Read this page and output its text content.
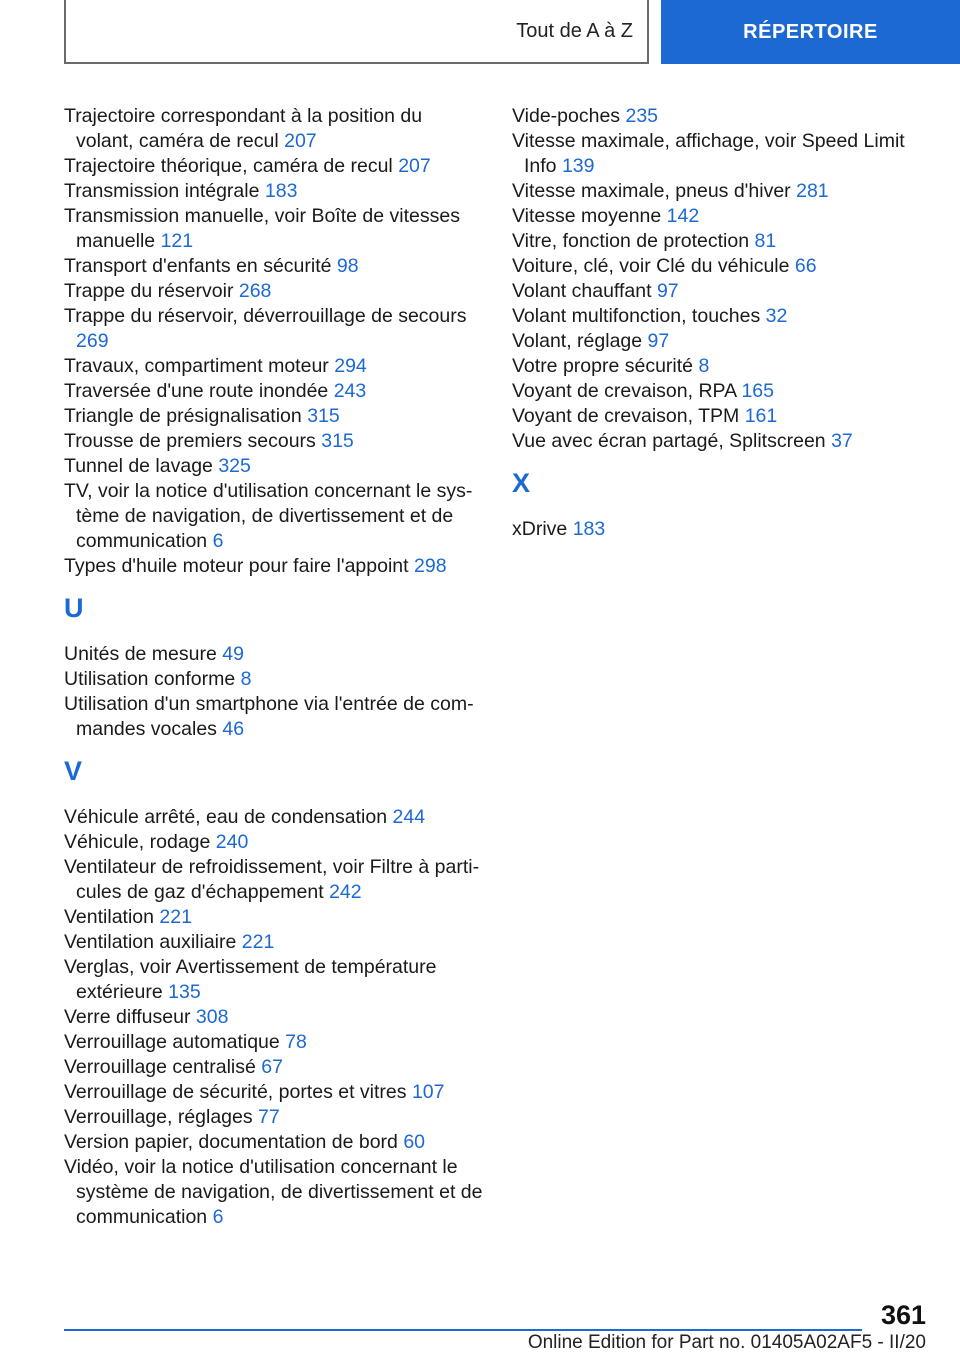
Tout de A à Z	RÉPERTOIRE
Trajectoire correspondant à la position du volant, caméra de recul 207
Trajectoire théorique, caméra de recul 207
Transmission intégrale 183
Transmission manuelle, voir Boîte de vitesses manuelle 121
Transport d'enfants en sécurité 98
Trappe du réservoir 268
Trappe du réservoir, déverrouillage de secours 269
Travaux, compartiment moteur 294
Traversée d'une route inondée 243
Triangle de présignalisation 315
Trousse de premiers secours 315
Tunnel de lavage 325
TV, voir la notice d'utilisation concernant le système de navigation, de divertissement et de communication 6
Types d'huile moteur pour faire l'appoint 298
U
Unités de mesure 49
Utilisation conforme 8
Utilisation d'un smartphone via l'entrée de commandes vocales 46
V
Véhicule arrêté, eau de condensation 244
Véhicule, rodage 240
Ventilateur de refroidissement, voir Filtre à particules de gaz d'échappement 242
Ventilation 221
Ventilation auxiliaire 221
Verglas, voir Avertissement de température extérieure 135
Verre diffuseur 308
Verrouillage automatique 78
Verrouillage centralisé 67
Verrouillage de sécurité, portes et vitres 107
Verrouillage, réglages 77
Version papier, documentation de bord 60
Vidéo, voir la notice d'utilisation concernant le système de navigation, de divertissement et de communication 6
Vide-poches 235
Vitesse maximale, affichage, voir Speed Limit Info 139
Vitesse maximale, pneus d'hiver 281
Vitesse moyenne 142
Vitre, fonction de protection 81
Voiture, clé, voir Clé du véhicule 66
Volant chauffant 97
Volant multifonction, touches 32
Volant, réglage 97
Votre propre sécurité 8
Voyant de crevaison, RPA 165
Voyant de crevaison, TPM 161
Vue avec écran partagé, Splitscreen 37
X
xDrive 183
361
Online Edition for Part no. 01405A02AF5 - II/20
